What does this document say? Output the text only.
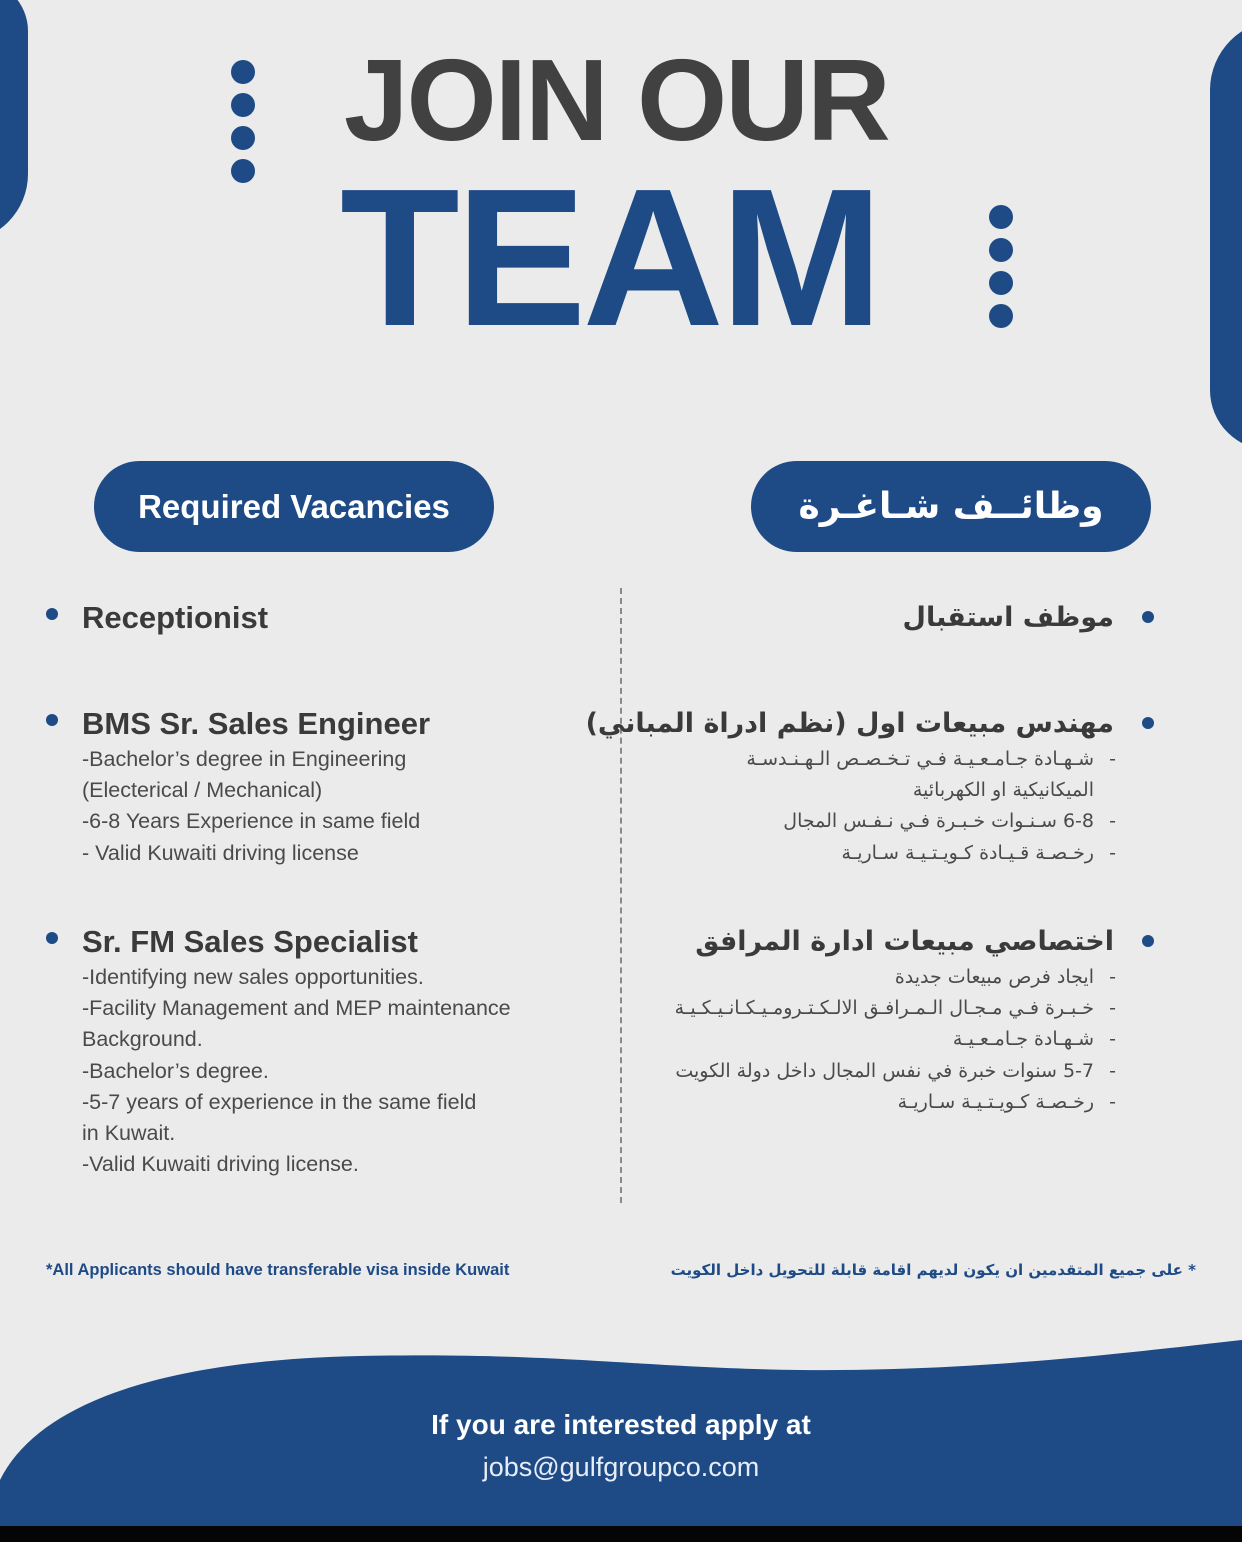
JOIN OUR
TEAM
Required Vacancies	وظائــف شـاغـرة
Receptionist
BMS Sr. Sales Engineer
-Bachelor’s degree in Engineering
(Electerical / Mechanical)
-6-8 Years Experience in same field
- Valid Kuwaiti driving license
Sr. FM Sales Specialist
-Identifying new sales opportunities.
-Facility Management and MEP maintenance
Background.
-Bachelor’s degree.
-5-7 years of experience in the same field
in Kuwait.
-Valid Kuwaiti driving license.
موظف استقبال
مهندس مبيعات اول (نظم ادراة المباني)
- شـهـادة جـامـعـيـة فـي تـخـصـص الـهـنـدسـة
الميكانيكية او الكهربائية
- 6-8 سـنـوات خـبـرة فـي نـفـس المجال
- رخـصـة قـيـادة كـويـتـيـة سـاريـة
اختصاصي مبيعات ادارة المرافق
- ايجاد فرص مبيعات جديدة
- خـبـرة فـي مـجـال الـمـرافـق الالـكـتـرومـيـكـانـيـكـيـة
- شـهـادة جـامـعـيـة
- 5-7 سنوات خبرة في نفس المجال داخل دولة الكويت
- رخـصـة كـويـتـيـة سـاريـة
*All Applicants should have transferable visa inside Kuwait	* على جميع المتقدمين ان يكون لديهم اقامة قابلة للتحويل داخل الكويت
If you are interested apply at
jobs@gulfgroupco.com
